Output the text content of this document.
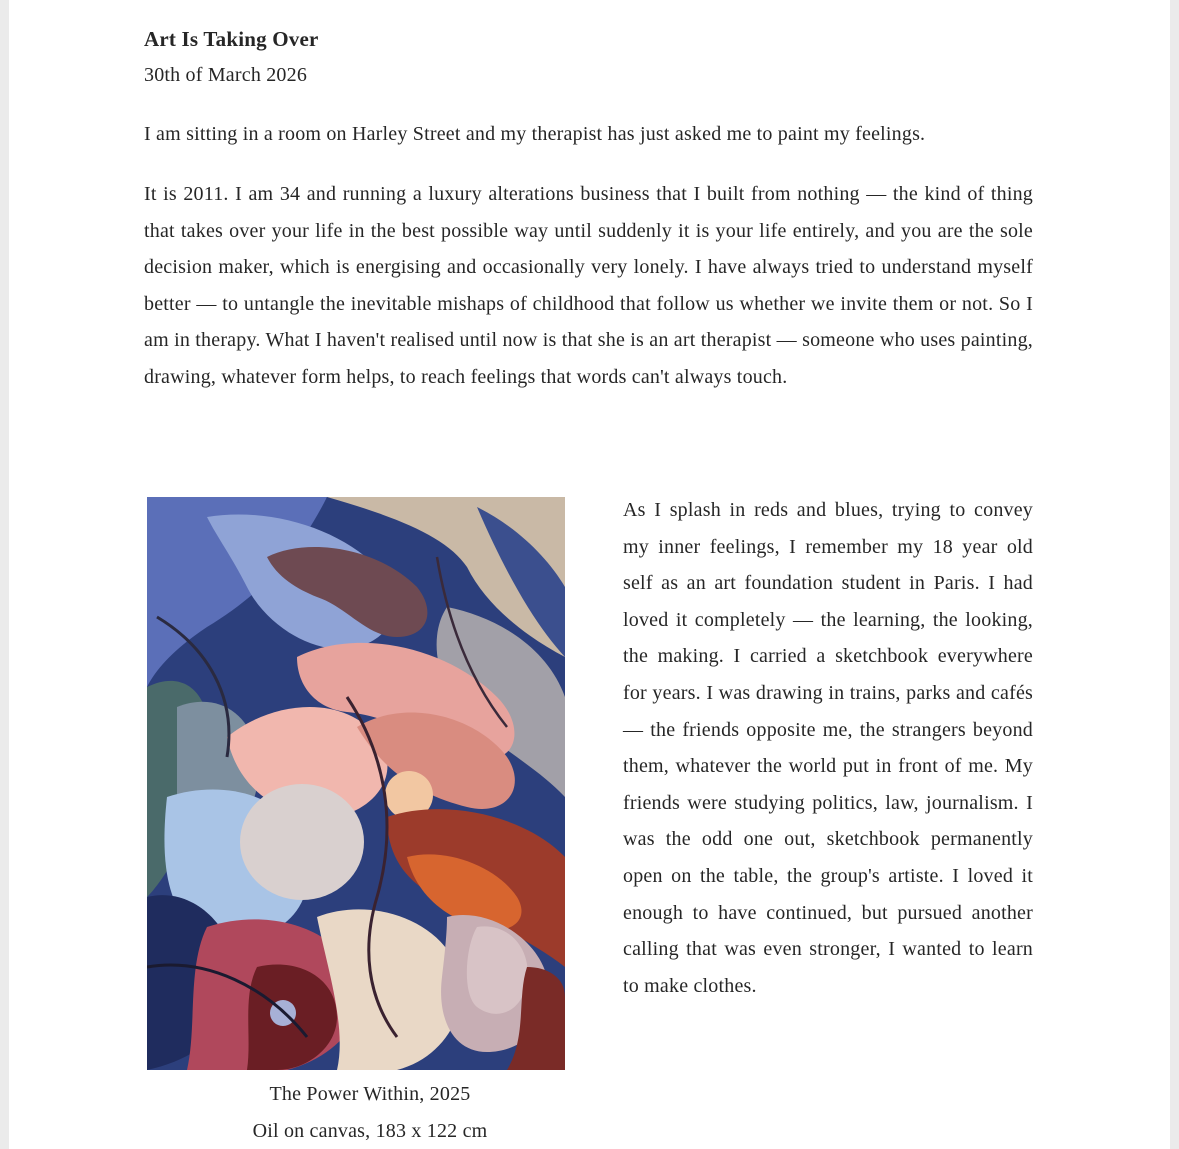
Art Is Taking Over
30th of March 2026

I am sitting in a room on Harley Street and my therapist has just asked me to paint my feelings.

It is 2011. I am 34 and running a luxury alterations business that I built from nothing — the kind of thing that takes over your life in the best possible way until suddenly it is your life entirely, and you are the sole decision maker, which is energising and occasionally very lonely. I have always tried to understand myself better — to untangle the inevitable mishaps of childhood that follow us whether we invite them or not. So I am in therapy. What I haven't realised until now is that she is an art therapist — someone who uses painting, drawing, whatever form helps, to reach feelings that words can't always touch.

The Power Within, 2025
Oil on canvas, 183 x 122 cm

As I splash in reds and blues, trying to convey my inner feelings, I remember my 18 year old self as an art foundation student in Paris. I had loved it completely — the learning, the looking, the making. I carried a sketchbook everywhere for years. I was drawing in trains, parks and cafés — the friends opposite me, the strangers beyond them, whatever the world put in front of me. My friends were studying politics, law, journalism. I was the odd one out, sketchbook permanently open on the table, the group's artiste. I loved it enough to have continued, but pursued another calling that was even stronger, I wanted to learn to make clothes.
